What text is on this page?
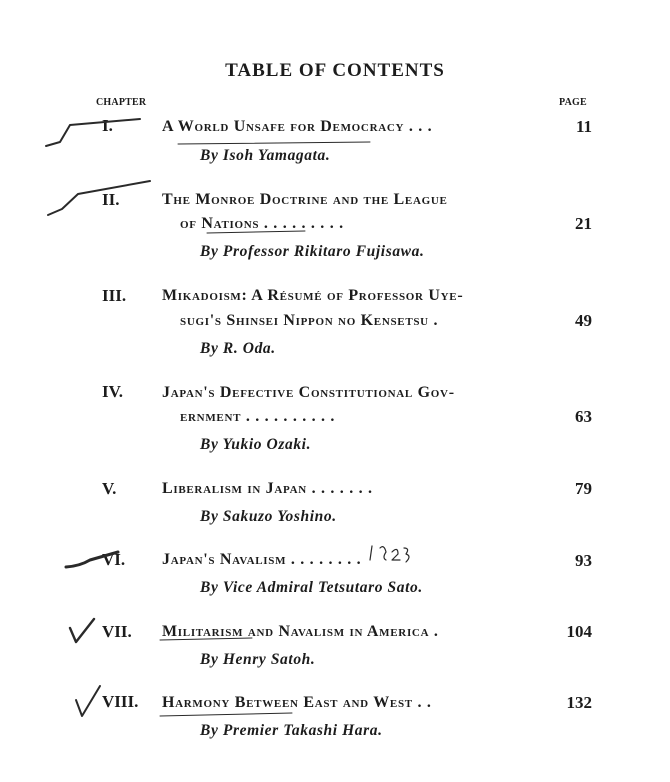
TABLE OF CONTENTS
CHAPTER	PAGE
I.	A World Unsafe for Democracy . . .	11
By Isoh Yamagata.
II.	The Monroe Doctrine and the League
of Nations . . . . . . . . .	21
By Professor Rikitaro Fujisawa.
III. Mikadoism: A Résumé of Professor Uye-
sugi's Shinsei Nippon no Kensetsu .	49
By R. Oda.
IV. Japan's Defective Constitutional Gov-
ernment . . . . . . . . . .	63
By Yukio Ozaki.
V.	Liberalism in Japan . . . . . . .	79
By Sakuzo Yoshino.
VI. Japan's Navalism . . . . . . . .	93
By Vice Admiral Tetsutaro Sato.
VII. Militarism and Navalism in America .	104
By Henry Satoh.
VIII. Harmony Between East and West . .	132
By Premier Takashi Hara.
